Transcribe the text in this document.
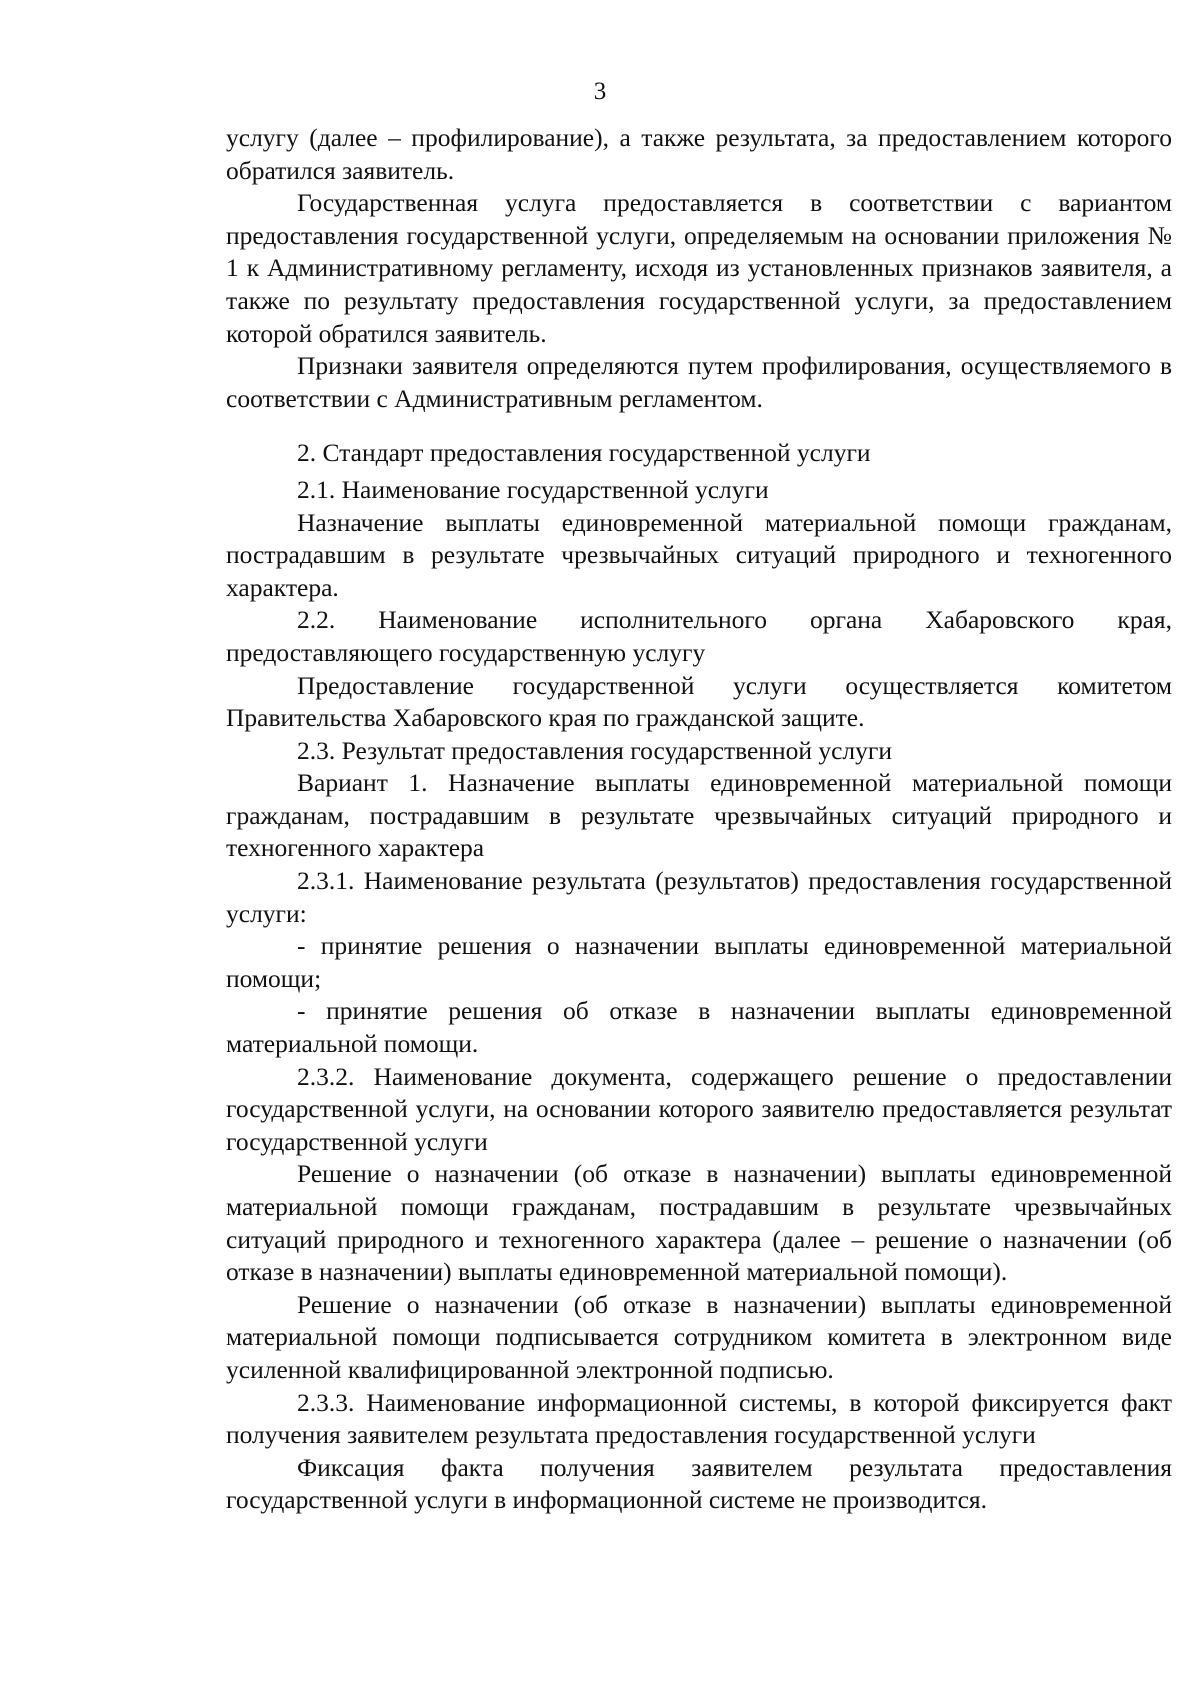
3

услугу (далее – профилирование), а также результата, за предоставлением которого обратился заявитель.

Государственная услуга предоставляется в соответствии с вариантом предоставления государственной услуги, определяемым на основании приложения № 1 к Административному регламенту, исходя из установленных признаков заявителя, а также по результату предоставления государственной услуги, за предоставлением которой обратился заявитель.

Признаки заявителя определяются путем профилирования, осуществляемого в соответствии с Административным регламентом.

2. Стандарт предоставления государственной услуги

2.1. Наименование государственной услуги

Назначение выплаты единовременной материальной помощи гражданам, пострадавшим в результате чрезвычайных ситуаций природного и техногенного характера.

2.2. Наименование исполнительного органа Хабаровского края, предоставляющего государственную услугу

Предоставление государственной услуги осуществляется комитетом Правительства Хабаровского края по гражданской защите.

2.3. Результат предоставления государственной услуги

Вариант 1. Назначение выплаты единовременной материальной помощи гражданам, пострадавшим в результате чрезвычайных ситуаций природного и техногенного характера

2.3.1. Наименование результата (результатов) предоставления государственной услуги:

- принятие решения о назначении выплаты единовременной материальной помощи;

- принятие решения об отказе в назначении выплаты единовременной материальной помощи.

2.3.2. Наименование документа, содержащего решение о предоставлении государственной услуги, на основании которого заявителю предоставляется результат государственной услуги

Решение о назначении (об отказе в назначении) выплаты единовременной материальной помощи гражданам, пострадавшим в результате чрезвычайных ситуаций природного и техногенного характера (далее – решение о назначении (об отказе в назначении) выплаты единовременной материальной помощи).

Решение о назначении (об отказе в назначении) выплаты единовременной материальной помощи подписывается сотрудником комитета в электронном виде усиленной квалифицированной электронной подписью.

2.3.3. Наименование информационной системы, в которой фиксируется факт получения заявителем результата предоставления государственной услуги

Фиксация факта получения заявителем результата предоставления государственной услуги в информационной системе не производится.
